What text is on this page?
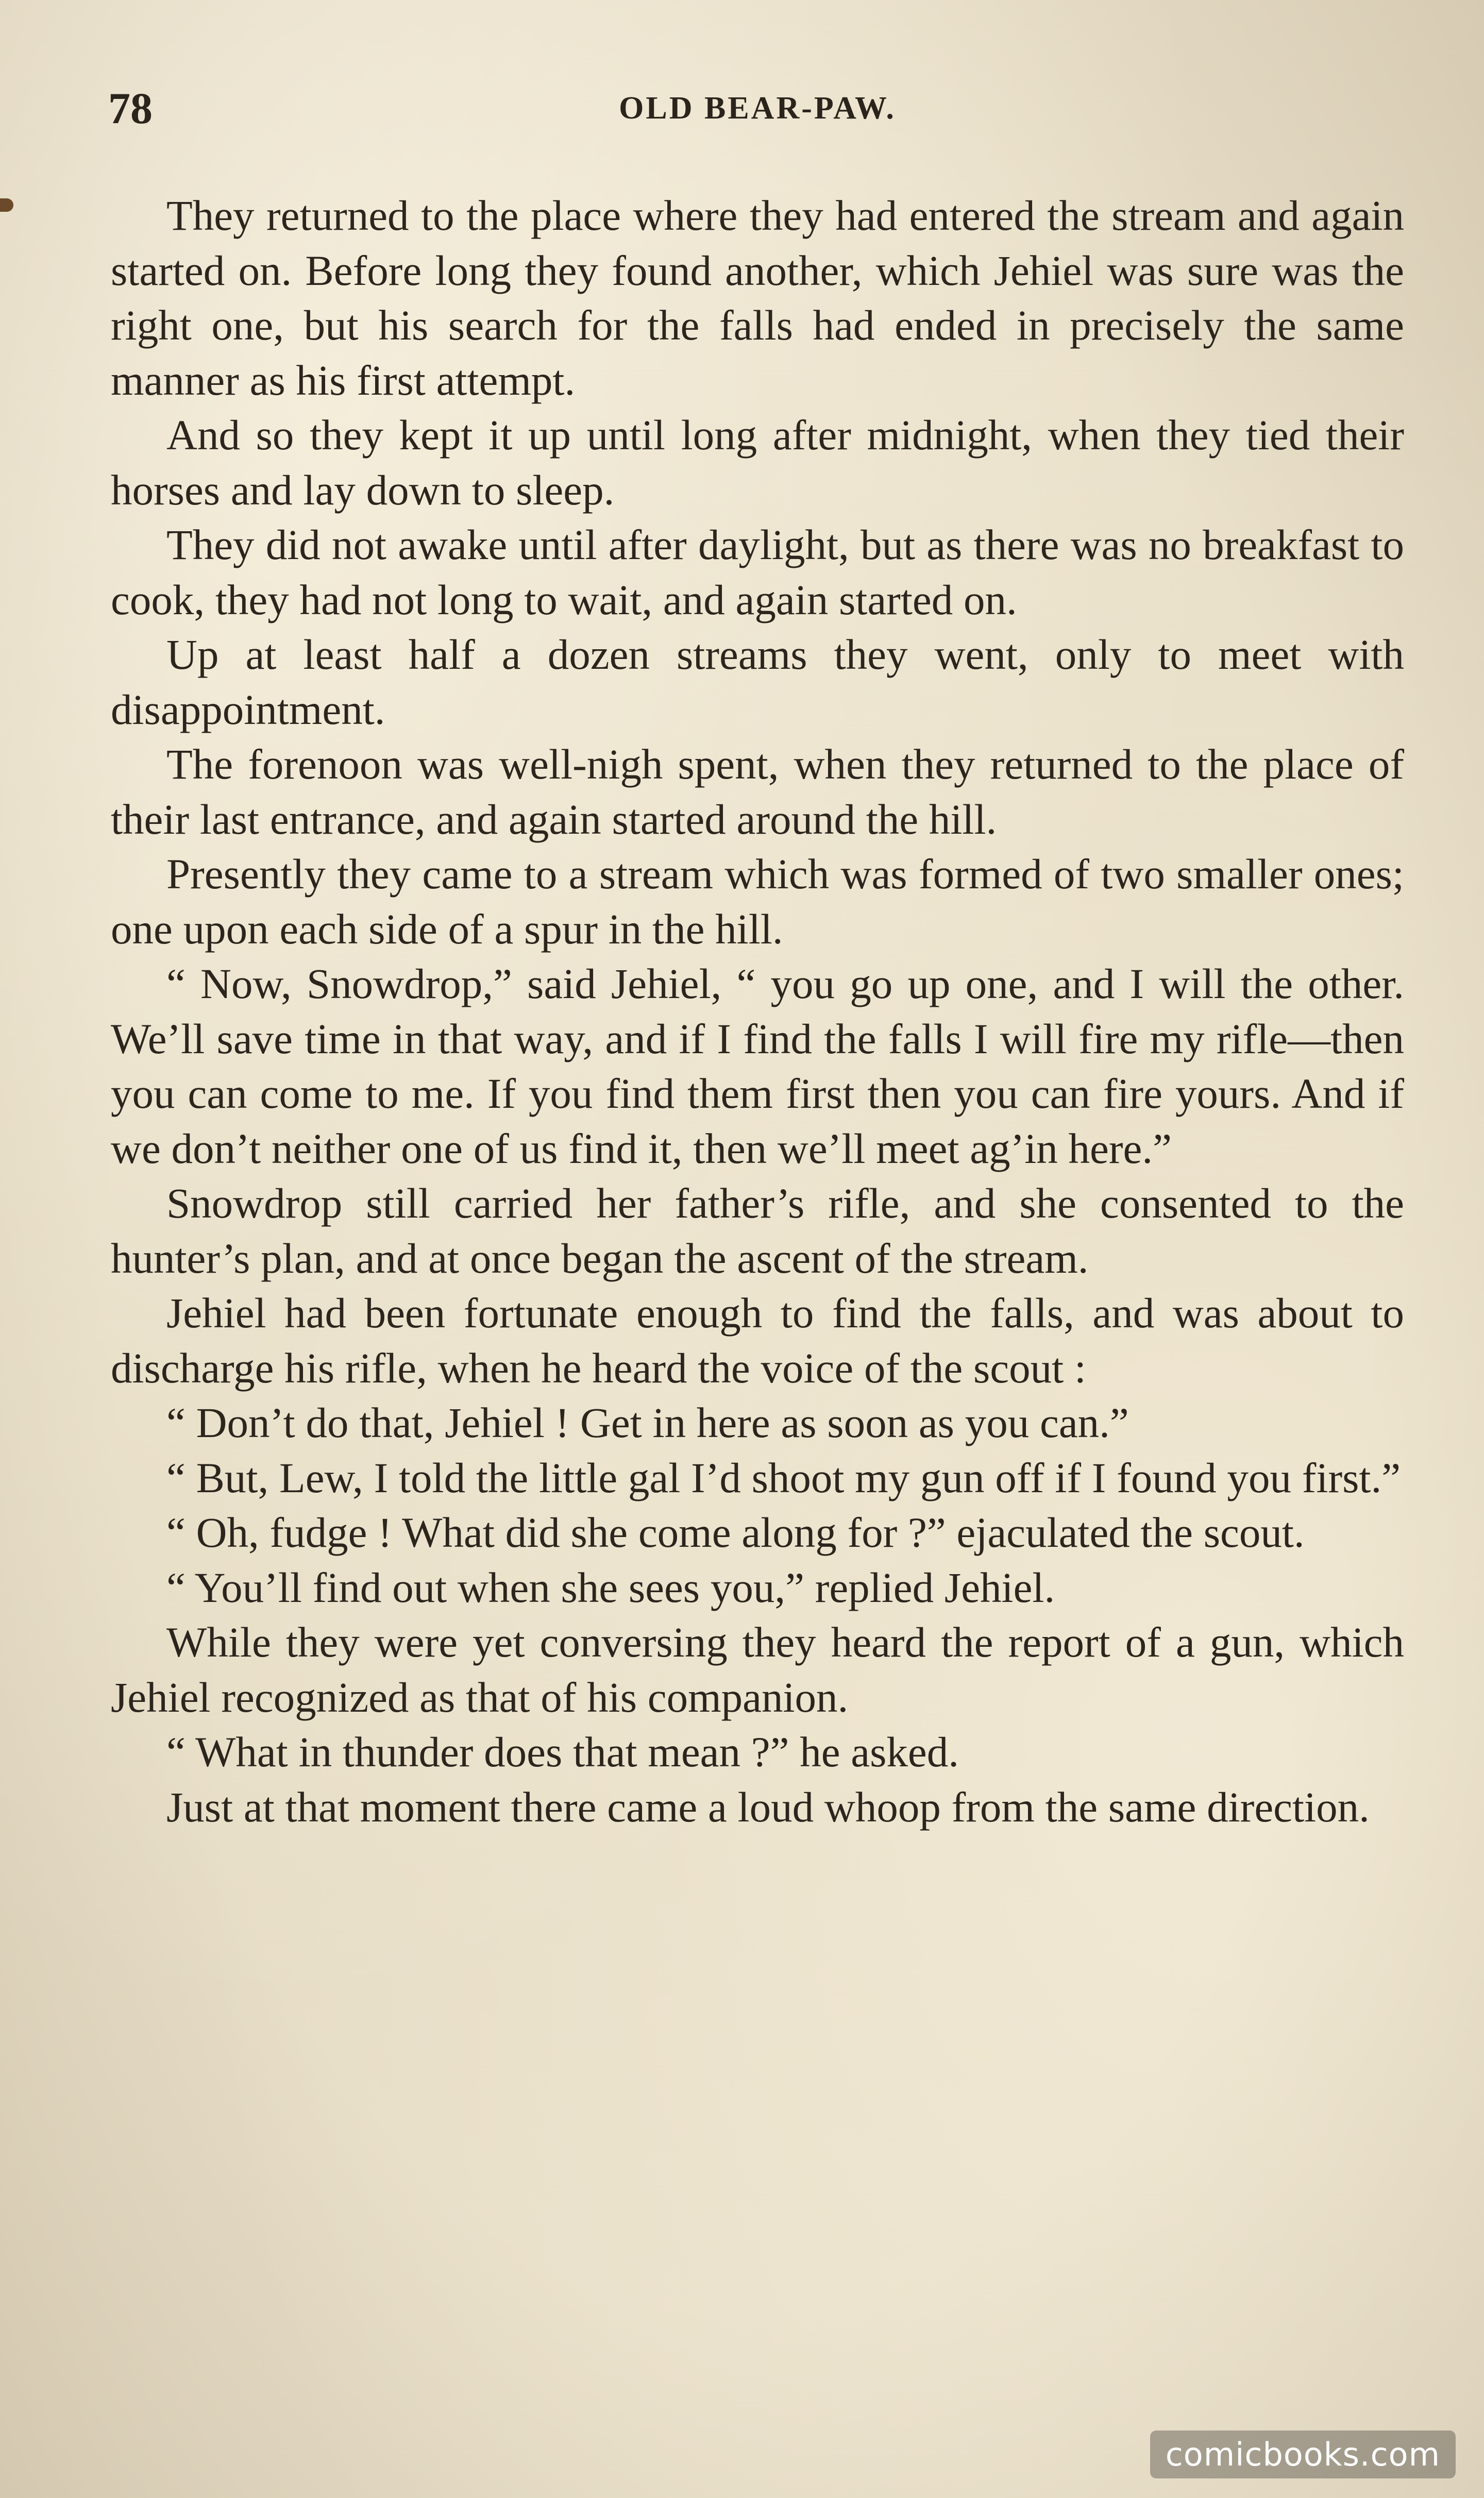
78	OLD BEAR-PAW.

They returned to the place where they had entered the stream and again started on. Before long they found another, which Jehiel was sure was the right one, but his search for the falls had ended in precisely the same manner as his first attempt.

And so they kept it up until long after midnight, when they tied their horses and lay down to sleep.

They did not awake until after daylight, but as there was no breakfast to cook, they had not long to wait, and again started on.

Up at least half a dozen streams they went, only to meet with disappointment.

The forenoon was well-nigh spent, when they returned to the place of their last entrance, and again started around the hill.

Presently they came to a stream which was formed of two smaller ones; one upon each side of a spur in the hill.

“ Now, Snowdrop,” said Jehiel, “ you go up one, and I will the other. We’ll save time in that way, and if I find the falls I will fire my rifle—then you can come to me. If you find them first then you can fire yours. And if we don’t neither one of us find it, then we’ll meet ag’in here.”

Snowdrop still carried her father’s rifle, and she consented to the hunter’s plan, and at once began the ascent of the stream.

Jehiel had been fortunate enough to find the falls, and was about to discharge his rifle, when he heard the voice of the scout :

“ Don’t do that, Jehiel ! Get in here as soon as you can.”

“ But, Lew, I told the little gal I’d shoot my gun off if I found you first.”

“ Oh, fudge ! What did she come along for ?” ejaculated the scout.

“ You’ll find out when she sees you,” replied Jehiel.

While they were yet conversing they heard the report of a gun, which Jehiel recognized as that of his companion.

“ What in thunder does that mean ?” he asked.

Just at that moment there came a loud whoop from the same direction.

comicbooks.com
